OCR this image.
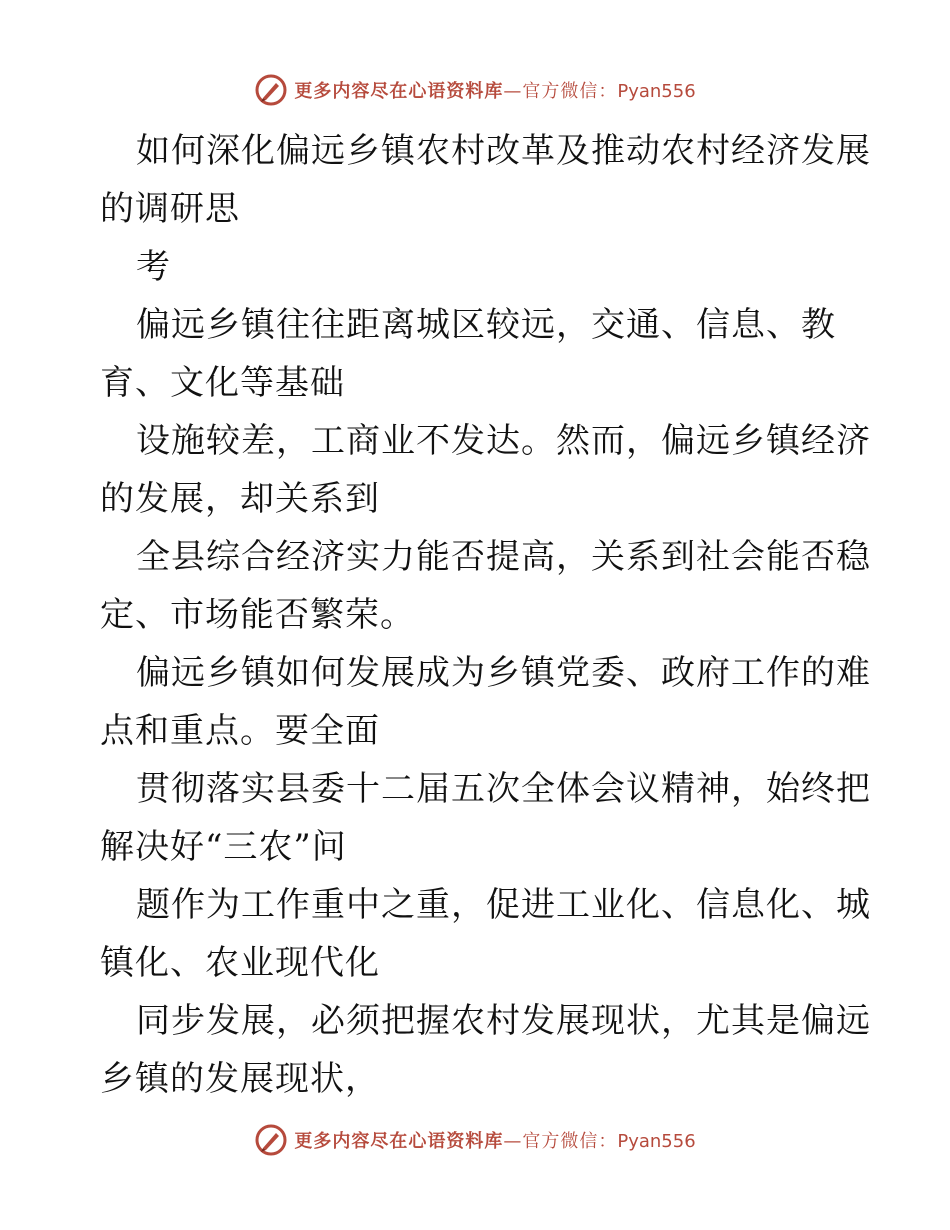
更多内容尽在心语资料库—官方微信：Pyan556
如何深化偏远乡镇农村改革及推动农村经济发展
的调研思
考
偏远乡镇往往距离城区较远，交通、信息、教
育、文化等基础
设施较差，工商业不发达。然而，偏远乡镇经济
的发展，却关系到
全县综合经济实力能否提高，关系到社会能否稳
定、市场能否繁荣。
偏远乡镇如何发展成为乡镇党委、政府工作的难
点和重点。要全面
贯彻落实县委十二届五次全体会议精神，始终把
解决好“三农”问
题作为工作重中之重，促进工业化、信息化、城
镇化、农业现代化
同步发展，必须把握农村发展现状，尤其是偏远
乡镇的发展现状，
更多内容尽在心语资料库—官方微信：Pyan556
